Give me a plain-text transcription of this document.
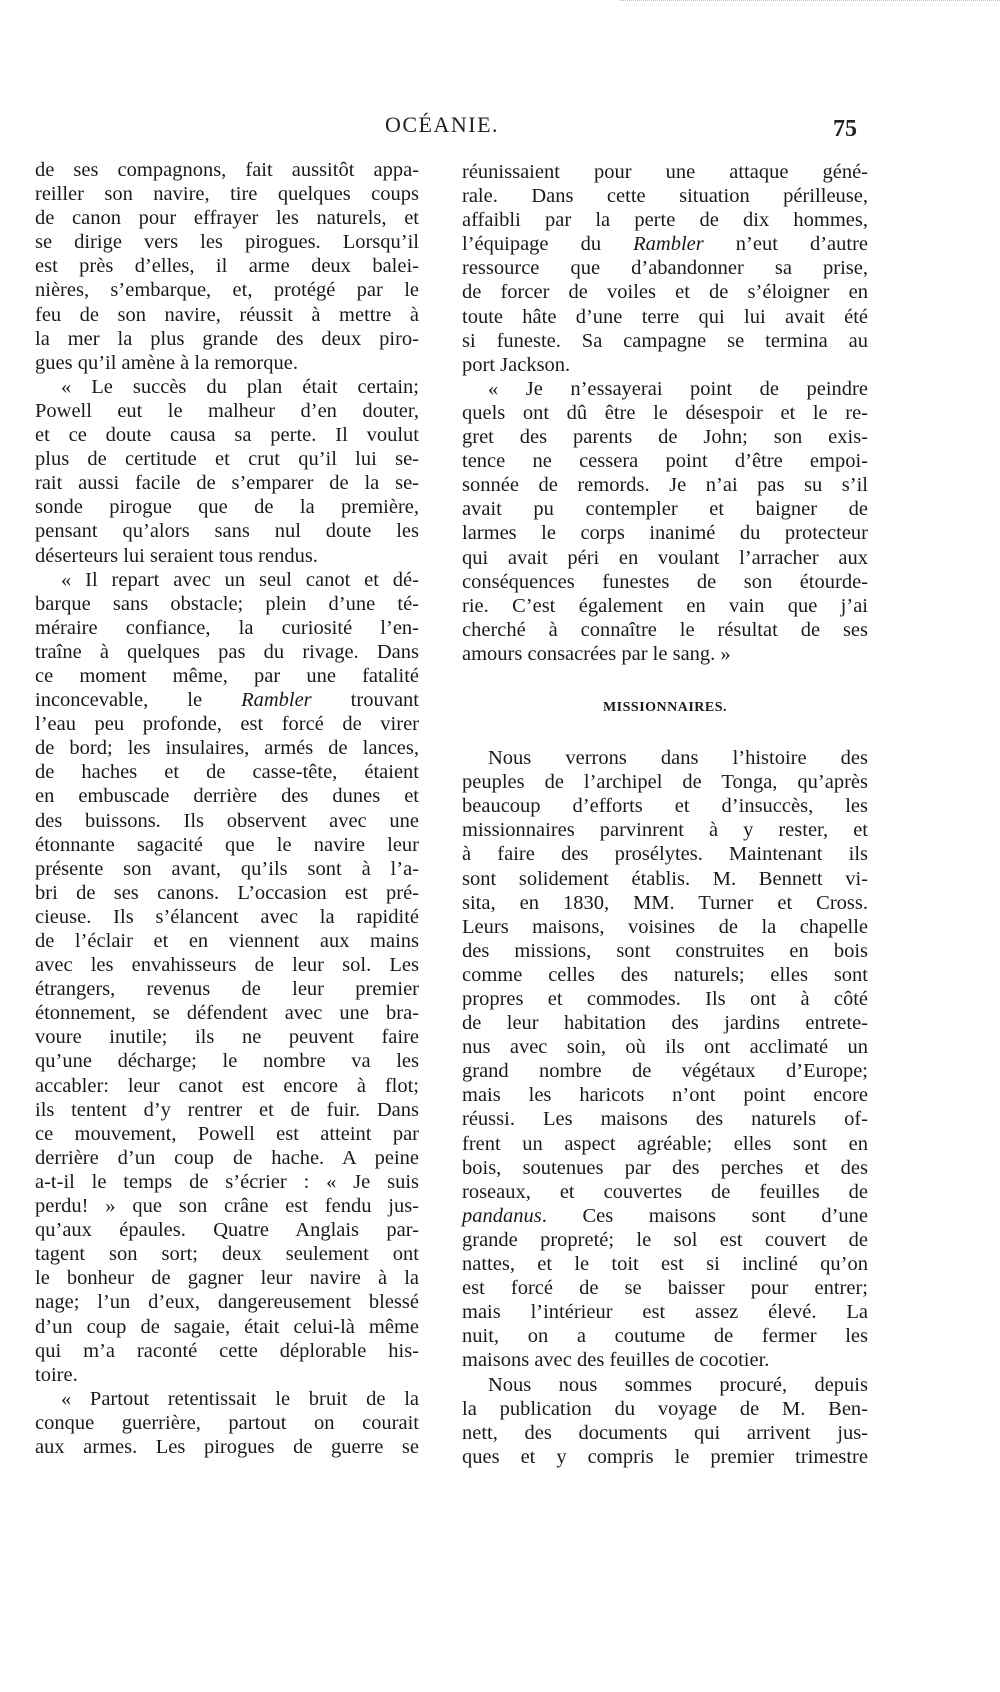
OCÉANIE.	75
de ses compagnons, fait aussitôt appa-
reiller son navire, tire quelques coups
de canon pour effrayer les naturels, et
se dirige vers les pirogues. Lorsqu’il
est près d’elles, il arme deux balei-
nières, s’embarque, et, protégé par le
feu de son navire, réussit à mettre à
la mer la plus grande des deux piro-
gues qu’il amène à la remorque.
« Le succès du plan était certain;
Powell eut le malheur d’en douter,
et ce doute causa sa perte. Il voulut
plus de certitude et crut qu’il lui se-
rait aussi facile de s’emparer de la se-
sonde pirogue que de la première,
pensant qu’alors sans nul doute les
déserteurs lui seraient tous rendus.
« Il repart avec un seul canot et dé-
barque sans obstacle; plein d’une té-
méraire confiance, la curiosité l’en-
traîne à quelques pas du rivage. Dans
ce moment même, par une fatalité
inconcevable, le Rambler trouvant
l’eau peu profonde, est forcé de virer
de bord; les insulaires, armés de lances,
de haches et de casse-tête, étaient
en embuscade derrière des dunes et
des buissons. Ils observent avec une
étonnante sagacité que le navire leur
présente son avant, qu’ils sont à l’a-
bri de ses canons. L’occasion est pré-
cieuse. Ils s’élancent avec la rapidité
de l’éclair et en viennent aux mains
avec les envahisseurs de leur sol. Les
étrangers, revenus de leur premier
étonnement, se défendent avec une bra-
voure inutile; ils ne peuvent faire
qu’une décharge; le nombre va les
accabler: leur canot est encore à flot;
ils tentent d’y rentrer et de fuir. Dans
ce mouvement, Powell est atteint par
derrière d’un coup de hache. A peine
a-t-il le temps de s’écrier : « Je suis
perdu! » que son crâne est fendu jus-
qu’aux épaules. Quatre Anglais par-
tagent son sort; deux seulement ont
le bonheur de gagner leur navire à la
nage; l’un d’eux, dangereusement blessé
d’un coup de sagaie, était celui-là même
qui m’a raconté cette déplorable his-
toire.
« Partout retentissait le bruit de la
conque guerrière, partout on courait
aux armes. Les pirogues de guerre se
réunissaient pour une attaque géné-
rale. Dans cette situation périlleuse,
affaibli par la perte de dix hommes,
l’équipage du Rambler n’eut d’autre
ressource que d’abandonner sa prise,
de forcer de voiles et de s’éloigner en
toute hâte d’une terre qui lui avait été
si funeste. Sa campagne se termina au
port Jackson.
« Je n’essayerai point de peindre
quels ont dû être le désespoir et le re-
gret des parents de John; son exis-
tence ne cessera point d’être empoi-
sonnée de remords. Je n’ai pas su s’il
avait pu contempler et baigner de
larmes le corps inanimé du protecteur
qui avait péri en voulant l’arracher aux
conséquences funestes de son étourde-
rie. C’est également en vain que j’ai
cherché à connaître le résultat de ses
amours consacrées par le sang. »
MISSIONNAIRES.
Nous verrons dans l’histoire des
peuples de l’archipel de Tonga, qu’après
beaucoup d’efforts et d’insuccès, les
missionnaires parvinrent à y rester, et
à faire des prosélytes. Maintenant ils
sont solidement établis. M. Bennett vi-
sita, en 1830, MM. Turner et Cross.
Leurs maisons, voisines de la chapelle
des missions, sont construites en bois
comme celles des naturels; elles sont
propres et commodes. Ils ont à côté
de leur habitation des jardins entrete-
nus avec soin, où ils ont acclimaté un
grand nombre de végétaux d’Europe;
mais les haricots n’ont point encore
réussi. Les maisons des naturels of-
frent un aspect agréable; elles sont en
bois, soutenues par des perches et des
roseaux, et couvertes de feuilles de
pandanus. Ces maisons sont d’une
grande propreté; le sol est couvert de
nattes, et le toit est si incliné qu’on
est forcé de se baisser pour entrer;
mais l’intérieur est assez élevé. La
nuit, on a coutume de fermer les
maisons avec des feuilles de cocotier.
Nous nous sommes procuré, depuis
la publication du voyage de M. Ben-
nett, des documents qui arrivent jus-
ques et y compris le premier trimestre
